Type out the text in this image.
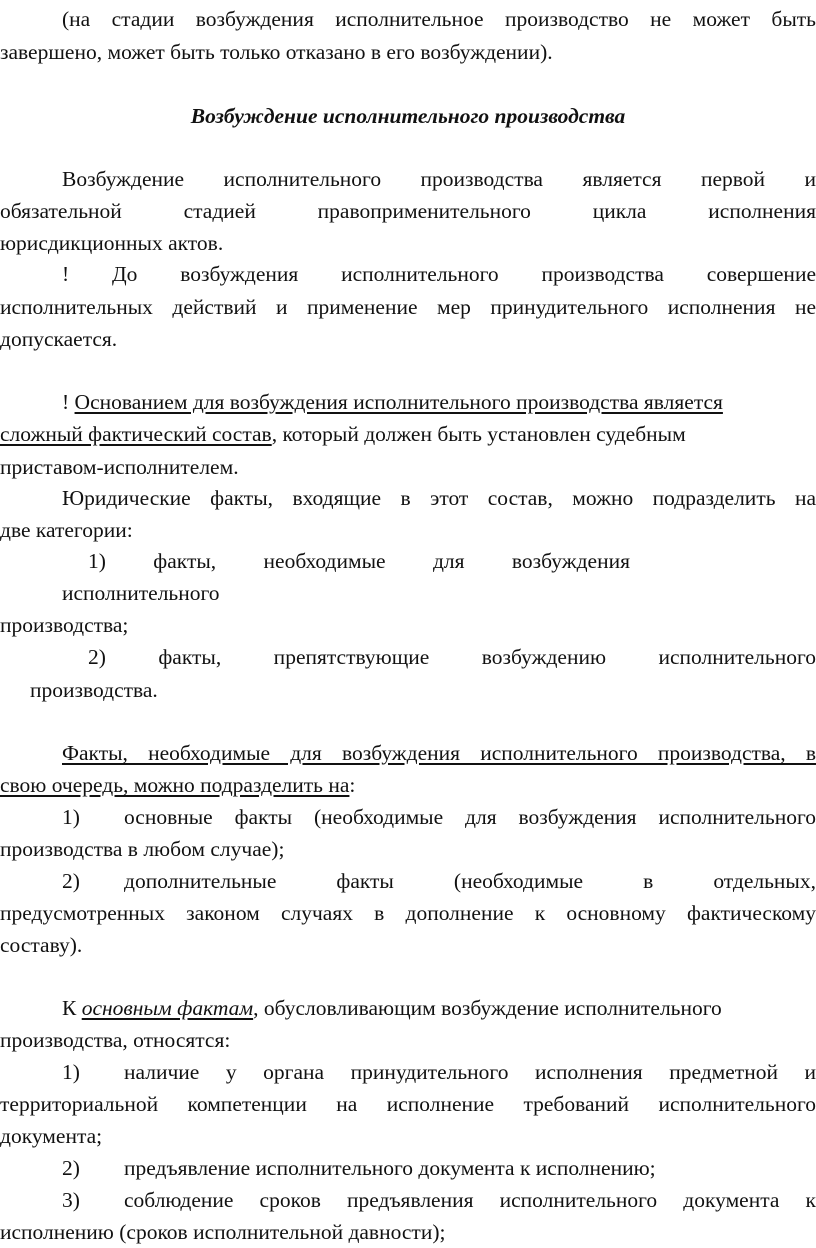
(на стадии возбуждения исполнительное производство не может быть
завершено, может быть только отказано в его возбуждении).
Возбуждение исполнительного производства
Возбуждение исполнительного производства является первой и
обязательной стадией правоприменительного цикла исполнения
юрисдикционных актов.
! До возбуждения исполнительного производства совершение
исполнительных действий и применение мер принудительного исполнения не
допускается.
! Основанием для возбуждения исполнительного производства является
сложный фактический состав, который должен быть установлен судебным
приставом-исполнителем.
Юридические факты, входящие в этот состав, можно подразделить на
две категории:
1) факты, необходимые для возбуждения
исполнительного
производства;
2) факты, препятствующие возбуждению исполнительного
производства.
Факты, необходимые для возбуждения исполнительного производства, в
свою очередь, можно подразделить на:
1) основные факты (необходимые для возбуждения исполнительного
производства в любом случае);
2) дополнительные факты (необходимые в отдельных,
предусмотренных законом случаях в дополнение к основному фактическому
составу).
К основным фактам, обусловливающим возбуждение исполнительного
производства, относятся:
1) наличие у органа принудительного исполнения предметной и
территориальной компетенции на исполнение требований исполнительного
документа;
2) предъявление исполнительного документа к исполнению;
3) соблюдение сроков предъявления исполнительного документа к
исполнению (сроков исполнительной давности);
